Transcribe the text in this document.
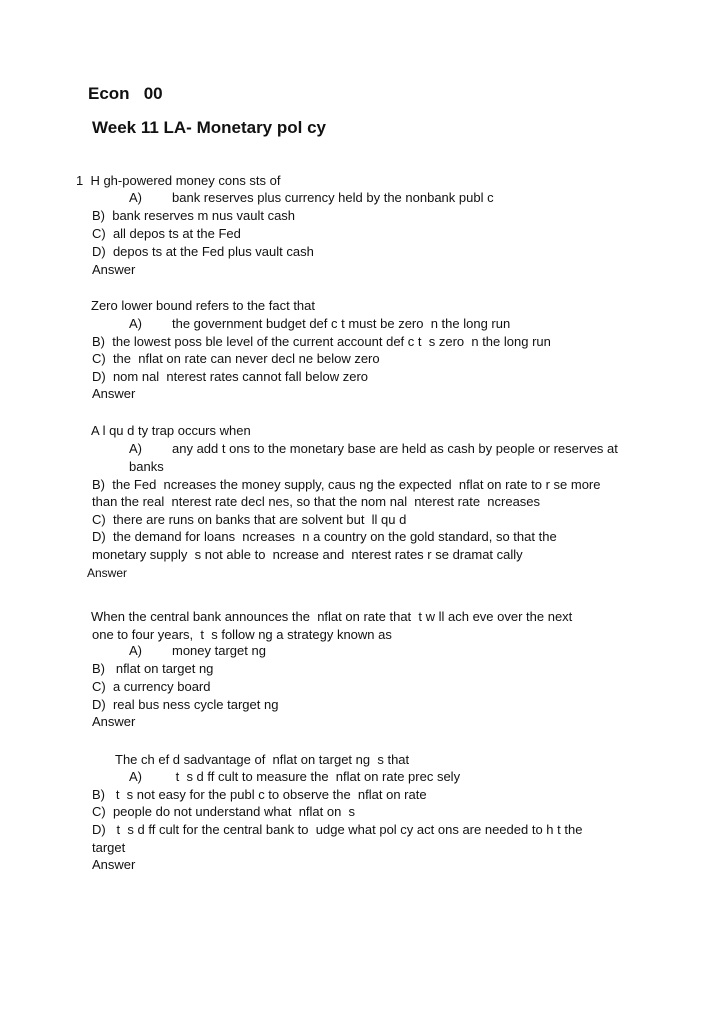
Econ   00
Week 11 LA- Monetary pol cy
1  H gh-powered money cons sts of
A) bank reserves plus currency held by the nonbank publ c
B)  bank reserves m nus vault cash
C)  all depos ts at the Fed
D)  depos ts at the Fed plus vault cash
Answer
Zero lower bound refers to the fact that
A) the government budget def c t must be zero  n the long run
B)  the lowest poss ble level of the current account def c t  s zero  n the long run
C)  the  nflat on rate can never decl ne below zero
D)  nom nal  nterest rates cannot fall below zero
Answer
A l qu d ty trap occurs when
A) any add t ons to the monetary base are held as cash by people or reserves at
banks
B)  the Fed  ncreases the money supply, caus ng the expected  nflat on rate to r se more
than the real  nterest rate decl nes, so that the nom nal  nterest rate  ncreases
C)  there are runs on banks that are solvent but  ll qu d
D)  the demand for loans  ncreases  n a country on the gold standard, so that the
monetary supply  s not able to  ncrease and  nterest rates r se dramat cally
Answer
When the central bank announces the  nflat on rate that  t w ll ach eve over the next
one to four years,  t  s follow ng a strategy known as
A) money target ng
B)   nflat on target ng
C)  a currency board
D)  real bus ness cycle target ng
Answer
The ch ef d sadvantage of  nflat on target ng  s that
A) t  s d ff cult to measure the  nflat on rate prec sely
B)   t  s not easy for the publ c to observe the  nflat on rate
C)  people do not understand what  nflat on  s
D)   t  s d ff cult for the central bank to  udge what pol cy act ons are needed to h t the
target
Answer
